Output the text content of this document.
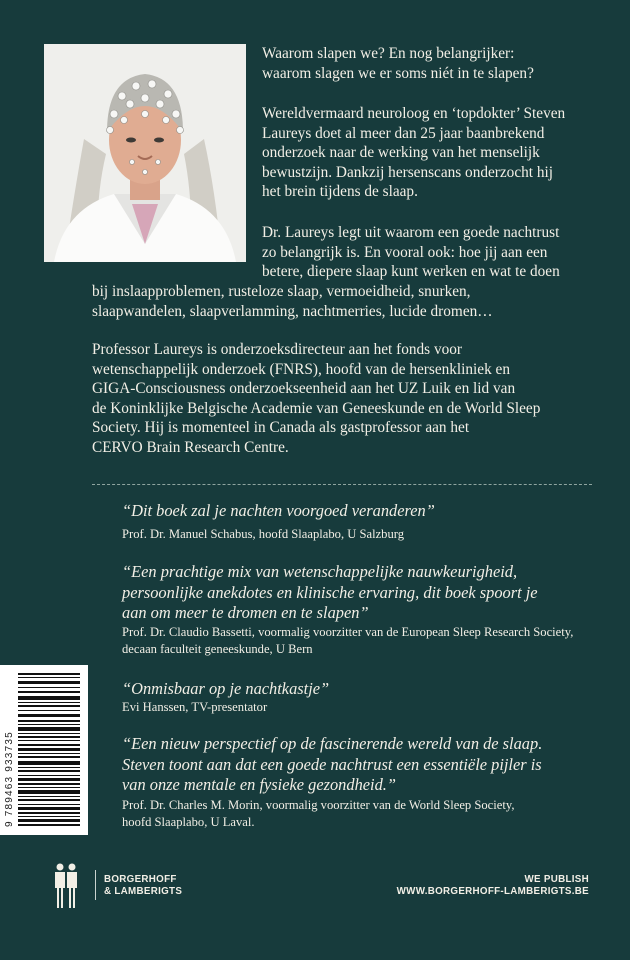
Waarom slapen we? En nog belangrijker:
waarom slagen we er soms niét in te slapen?
Wereldvermaard neuroloog en ‘topdokter’ Steven
Laureys doet al meer dan 25 jaar baanbrekend
onderzoek naar de werking van het menselijk
bewustzijn. Dankzij hersenscans onderzocht hij
het brein tijdens de slaap.
Dr. Laureys legt uit waarom een goede nachtrust
zo belangrijk is. En vooral ook: hoe jij aan een
betere, diepere slaap kunt werken en wat te doen
bij inslaapproblemen, rusteloze slaap, vermoeidheid, snurken,
slaapwandelen, slaapverlamming, nachtmerries, lucide dromen…
Professor Laureys is onderzoeksdirecteur aan het fonds voor
wetenschappelijk onderzoek (FNRS), hoofd van de hersenkliniek en
GIGA-Consciousness onderzoekseenheid aan het UZ Luik en lid van
de Koninklijke Belgische Academie van Geneeskunde en de World Sleep
Society. Hij is momenteel in Canada als gastprofessor aan het
CERVO Brain Research Centre.
“Dit boek zal je nachten voorgoed veranderen”
Prof. Dr. Manuel Schabus, hoofd Slaaplabo, U Salzburg
“Een prachtige mix van wetenschappelijke nauwkeurigheid,
persoonlijke anekdotes en klinische ervaring, dit boek spoort je
aan om meer te dromen en te slapen”
Prof. Dr. Claudio Bassetti, voormalig voorzitter van de European Sleep Research Society,
decaan faculteit geneeskunde, U Bern
“Onmisbaar op je nachtkastje”
Evi Hanssen, TV-presentator
“Een nieuw perspectief op de fascinerende wereld van de slaap.
Steven toont aan dat een goede nachtrust een essentiële pijler is
van onze mentale en fysieke gezondheid.”
Prof. Dr. Charles M. Morin, voormalig voorzitter van de World Sleep Society,
hoofd Slaaplabo, U Laval.
9 789463 933735
BORGERHOFF
& LAMBERIGTS
WE PUBLISH
WWW.BORGERHOFF-LAMBERIGTS.BE
